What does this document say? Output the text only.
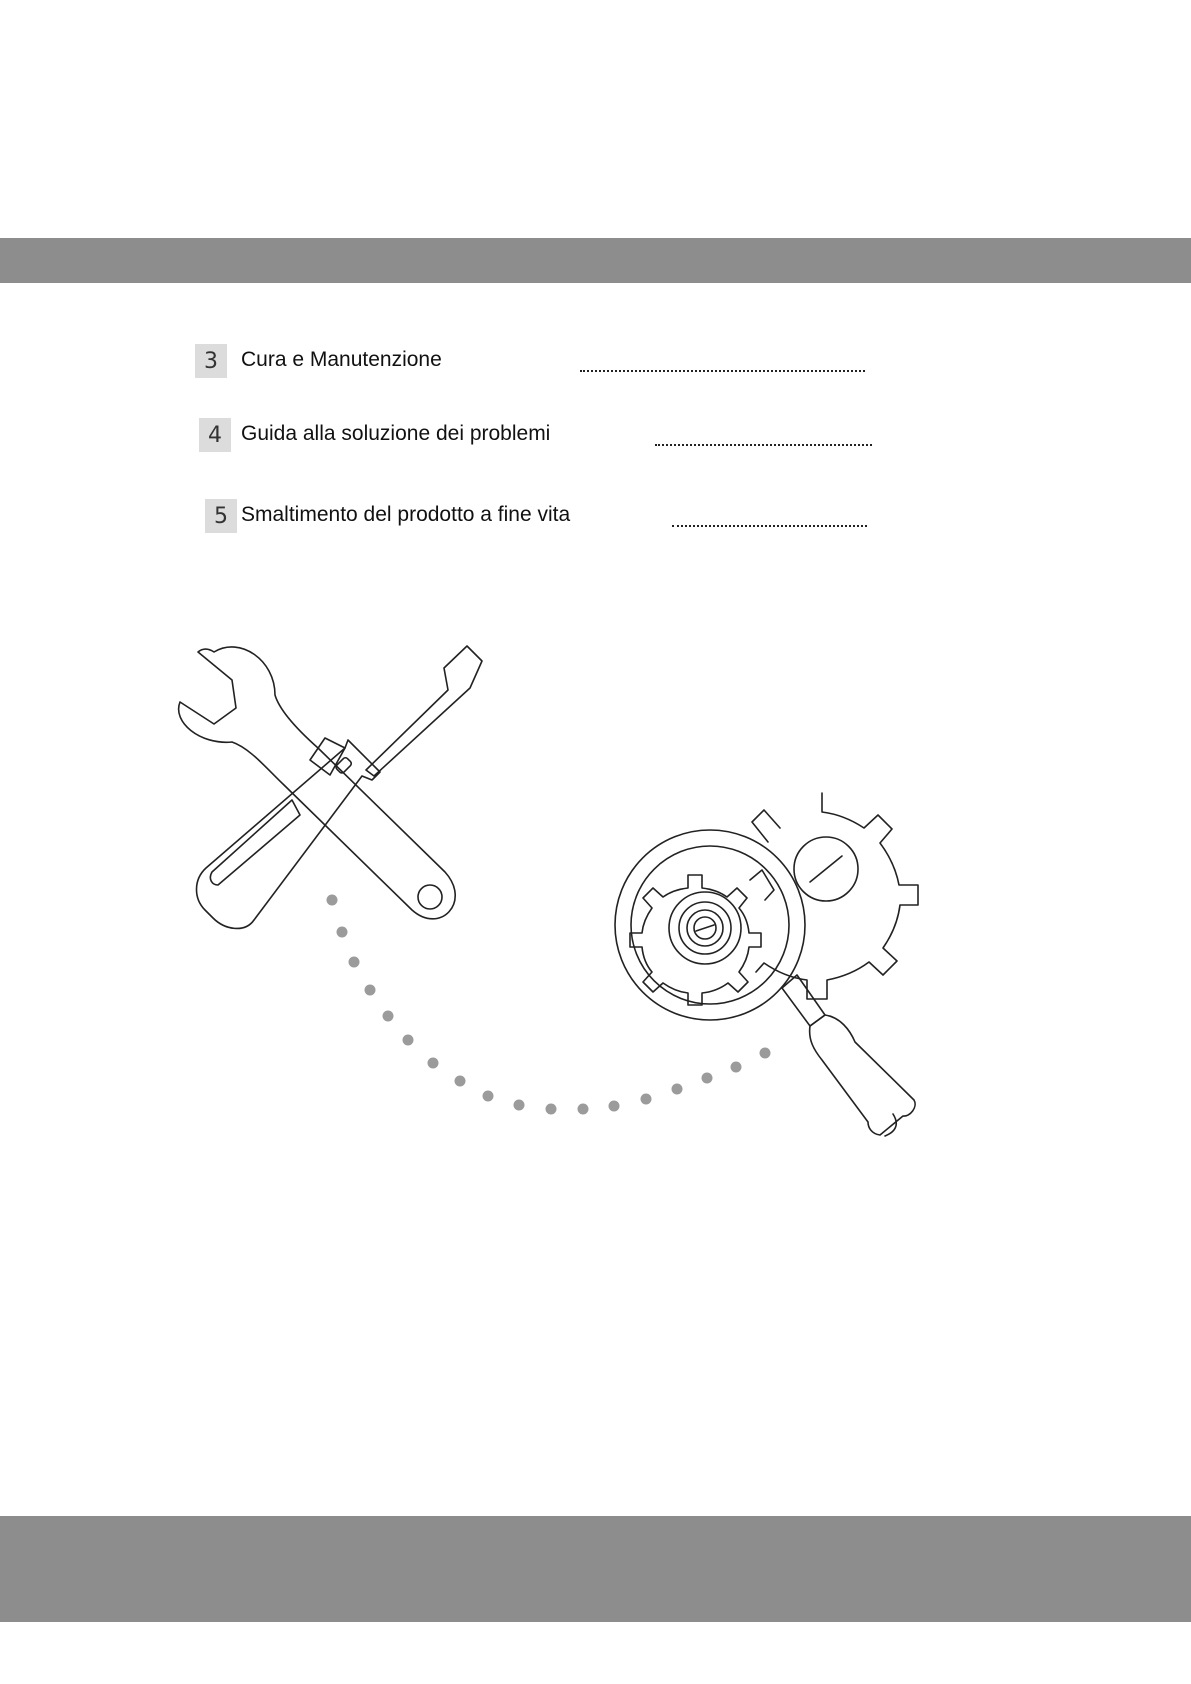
3	Cura e Manutenzione
4 Guida alla soluzione dei problemi
5 Smaltimento del prodotto a fine vita
